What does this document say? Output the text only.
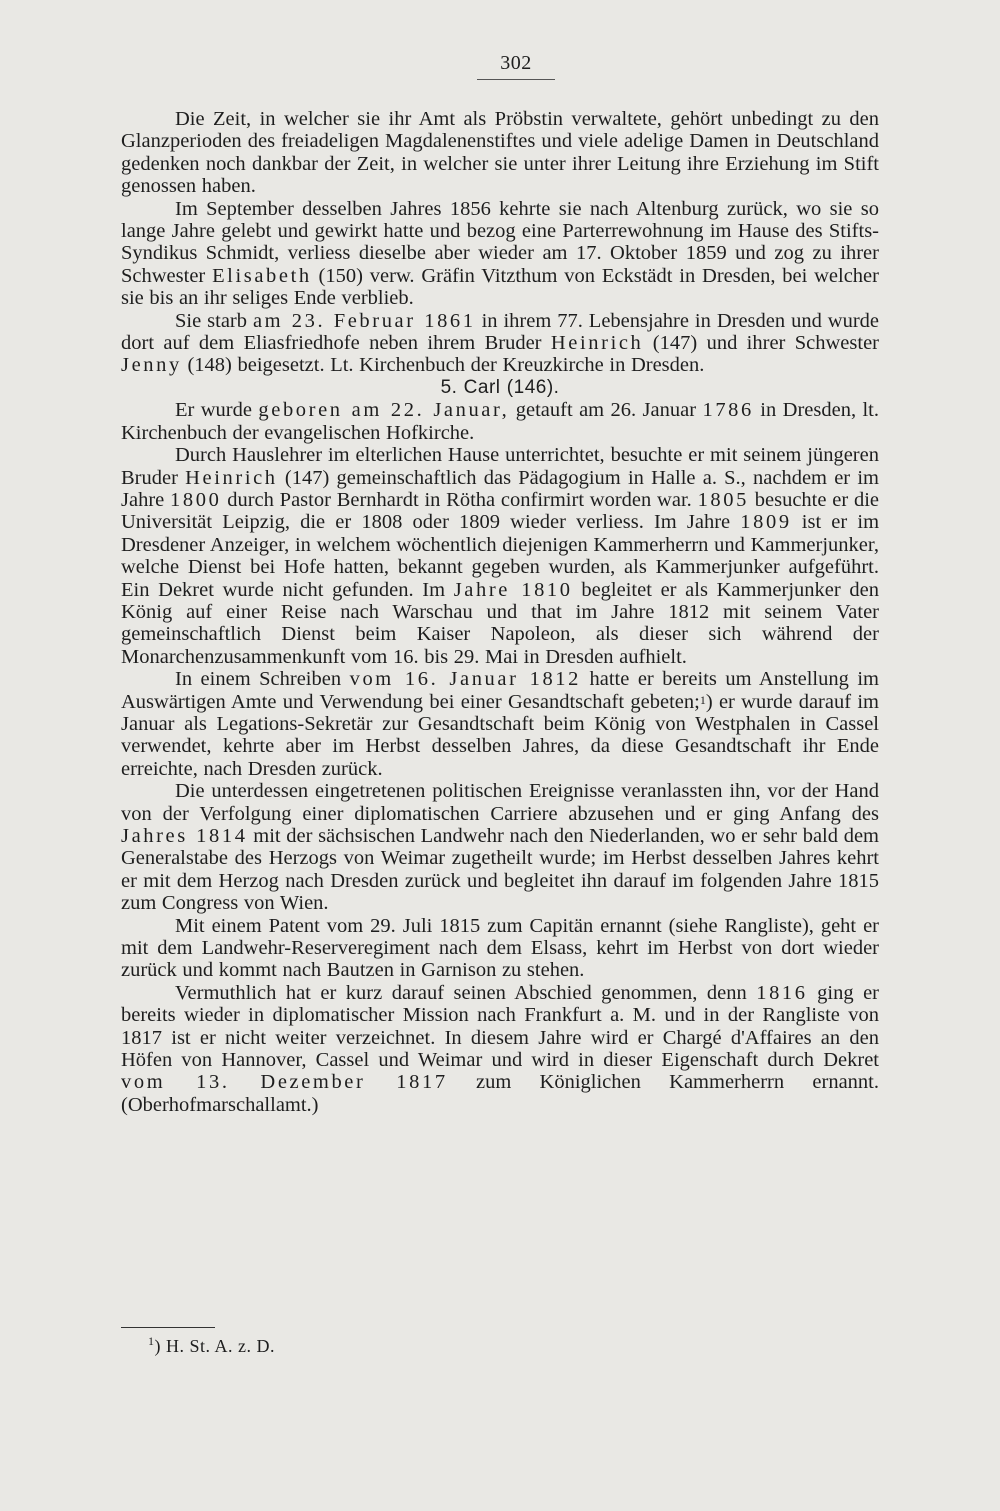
302

Die Zeit, in welcher sie ihr Amt als Pröbstin verwaltete, gehört unbedingt zu den Glanzperioden des freiadeligen Magdalenenstiftes und viele adelige Damen in Deutschland gedenken noch dankbar der Zeit, in welcher sie unter ihrer Leitung ihre Erziehung im Stift genossen haben.

Im September desselben Jahres 1856 kehrte sie nach Altenburg zurück, wo sie so lange Jahre gelebt und gewirkt hatte und bezog eine Parterrewohnung im Hause des Stifts-Syndikus Schmidt, verliess dieselbe aber wieder am 17. Oktober 1859 und zog zu ihrer Schwester Elisabeth (150) verw. Gräfin Vitzthum von Eckstädt in Dresden, bei welcher sie bis an ihr seliges Ende verblieb.

Sie starb am 23. Februar 1861 in ihrem 77. Lebensjahre in Dresden und wurde dort auf dem Eliasfriedhofe neben ihrem Bruder Heinrich (147) und ihrer Schwester Jenny (148) beigesetzt. Lt. Kirchenbuch der Kreuzkirche in Dresden.

5. Carl (146).

Er wurde geboren am 22. Januar, getauft am 26. Januar 1786 in Dresden, lt. Kirchenbuch der evangelischen Hofkirche.

Durch Hauslehrer im elterlichen Hause unterrichtet, besuchte er mit seinem jüngeren Bruder Heinrich (147) gemeinschaftlich das Pädagogium in Halle a. S., nachdem er im Jahre 1800 durch Pastor Bernhardt in Rötha confirmirt worden war. 1805 besuchte er die Universität Leipzig, die er 1808 oder 1809 wieder verliess. Im Jahre 1809 ist er im Dresdener Anzeiger, in welchem wöchentlich diejenigen Kammerherrn und Kammerjunker, welche Dienst bei Hofe hatten, bekannt gegeben wurden, als Kammerjunker aufgeführt. Ein Dekret wurde nicht gefunden. Im Jahre 1810 begleitet er als Kammerjunker den König auf einer Reise nach Warschau und that im Jahre 1812 mit seinem Vater gemeinschaftlich Dienst beim Kaiser Napoleon, als dieser sich während der Monarchenzusammenkunft vom 16. bis 29. Mai in Dresden aufhielt.

In einem Schreiben vom 16. Januar 1812 hatte er bereits um Anstellung im Auswärtigen Amte und Verwendung bei einer Gesandtschaft gebeten;$^1$) er wurde darauf im Januar als Legations-Sekretär zur Gesandtschaft beim König von Westphalen in Cassel verwendet, kehrte aber im Herbst desselben Jahres, da diese Gesandtschaft ihr Ende erreichte, nach Dresden zurück.

Die unterdessen eingetretenen politischen Ereignisse veranlassten ihn, vor der Hand von der Verfolgung einer diplomatischen Carriere abzusehen und er ging Anfang des Jahres 1814 mit der sächsischen Landwehr nach den Niederlanden, wo er sehr bald dem Generalstabe des Herzogs von Weimar zugetheilt wurde; im Herbst desselben Jahres kehrt er mit dem Herzog nach Dresden zurück und begleitet ihn darauf im folgenden Jahre 1815 zum Congress von Wien.

Mit einem Patent vom 29. Juli 1815 zum Capitän ernannt (siehe Rangliste), geht er mit dem Landwehr-Reserveregiment nach dem Elsass, kehrt im Herbst von dort wieder zurück und kommt nach Bautzen in Garnison zu stehen.

Vermuthlich hat er kurz darauf seinen Abschied genommen, denn 1816 ging er bereits wieder in diplomatischer Mission nach Frankfurt a. M. und in der Rangliste von 1817 ist er nicht weiter verzeichnet. In diesem Jahre wird er Chargé d'Affaires an den Höfen von Hannover, Cassel und Weimar und wird in dieser Eigenschaft durch Dekret vom 13. Dezember 1817 zum Königlichen Kammerherrn ernannt. (Oberhofmarschallamt.)

$^1$) H. St. A. z. D.
